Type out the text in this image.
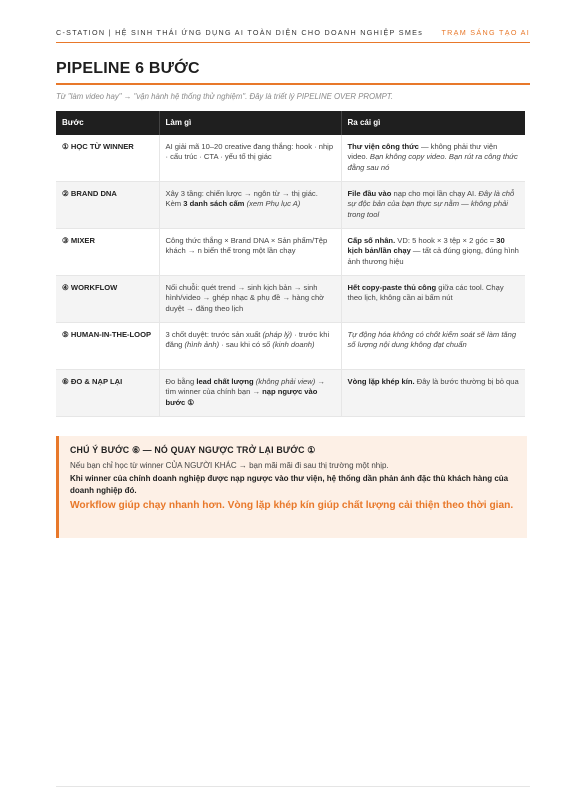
C-STATION | HỆ SINH THÁI ỨNG DỤNG AI TOÀN DIỆN CHO DOANH NGHIỆP SMEs	TRẠM SÁNG TẠO AI
PIPELINE 6 BƯỚC
Từ "làm video hay" → "vận hành hệ thống thử nghiệm". Đây là triết lý PIPELINE OVER PROMPT.
Bước	Làm gì	Ra cái gì
① HỌC TỪ WINNER	AI giải mã 10–20 creative đang thắng: hook · nhịp · cấu trúc · CTA · yếu tố thị giác	Thư viện công thức — không phải thư viện video. Bạn không copy video. Bạn rút ra công thức đằng sau nó
② BRAND DNA	Xây 3 tầng: chiến lược → ngôn từ → thị giác. Kèm 3 danh sách cấm (xem Phụ lục A)	File đầu vào nạp cho mọi lần chạy AI. Đây là chỗ sự độc bản của bạn thực sự nằm — không phải trong tool
③ MIXER	Công thức thắng × Brand DNA × Sản phẩm/Tệp khách → n biến thể trong một lần chạy	Cấp số nhân. VD: 5 hook × 3 tệp × 2 góc = 30 kịch bản/lần chạy — tất cả đúng giọng, đúng hình ảnh thương hiệu
④ WORKFLOW	Nối chuỗi: quét trend → sinh kịch bản → sinh hình/video → ghép nhạc & phụ đề → hàng chờ duyệt → đăng theo lịch	Hết copy-paste thủ công giữa các tool. Chạy theo lịch, không cần ai bấm nút
⑤ HUMAN-IN-THE-LOOP	3 chốt duyệt: trước sản xuất (pháp lý) · trước khi đăng (hình ảnh) · sau khi có số (kinh doanh)	Tự động hóa không có chốt kiểm soát sẽ làm tăng số lượng nội dung không đạt chuẩn
⑥ ĐO & NẠP LẠI	Đo bằng lead chất lượng (không phải view) → tìm winner của chính bạn → nạp ngược vào bước ①	Vòng lặp khép kín. Đây là bước thường bị bỏ qua
CHÚ Ý BƯỚC ⑥ — NÓ QUAY NGƯỢC TRỞ LẠI BƯỚC ①
Nếu bạn chỉ học từ winner CỦA NGƯỜI KHÁC → bạn mãi mãi đi sau thị trường một nhịp.
Khi winner của chính doanh nghiệp được nạp ngược vào thư viện, hệ thống dần phản ánh đặc thù khách hàng của doanh nghiệp đó.
Workflow giúp chạy nhanh hơn. Vòng lặp khép kín giúp chất lượng cải thiện theo thời gian.
